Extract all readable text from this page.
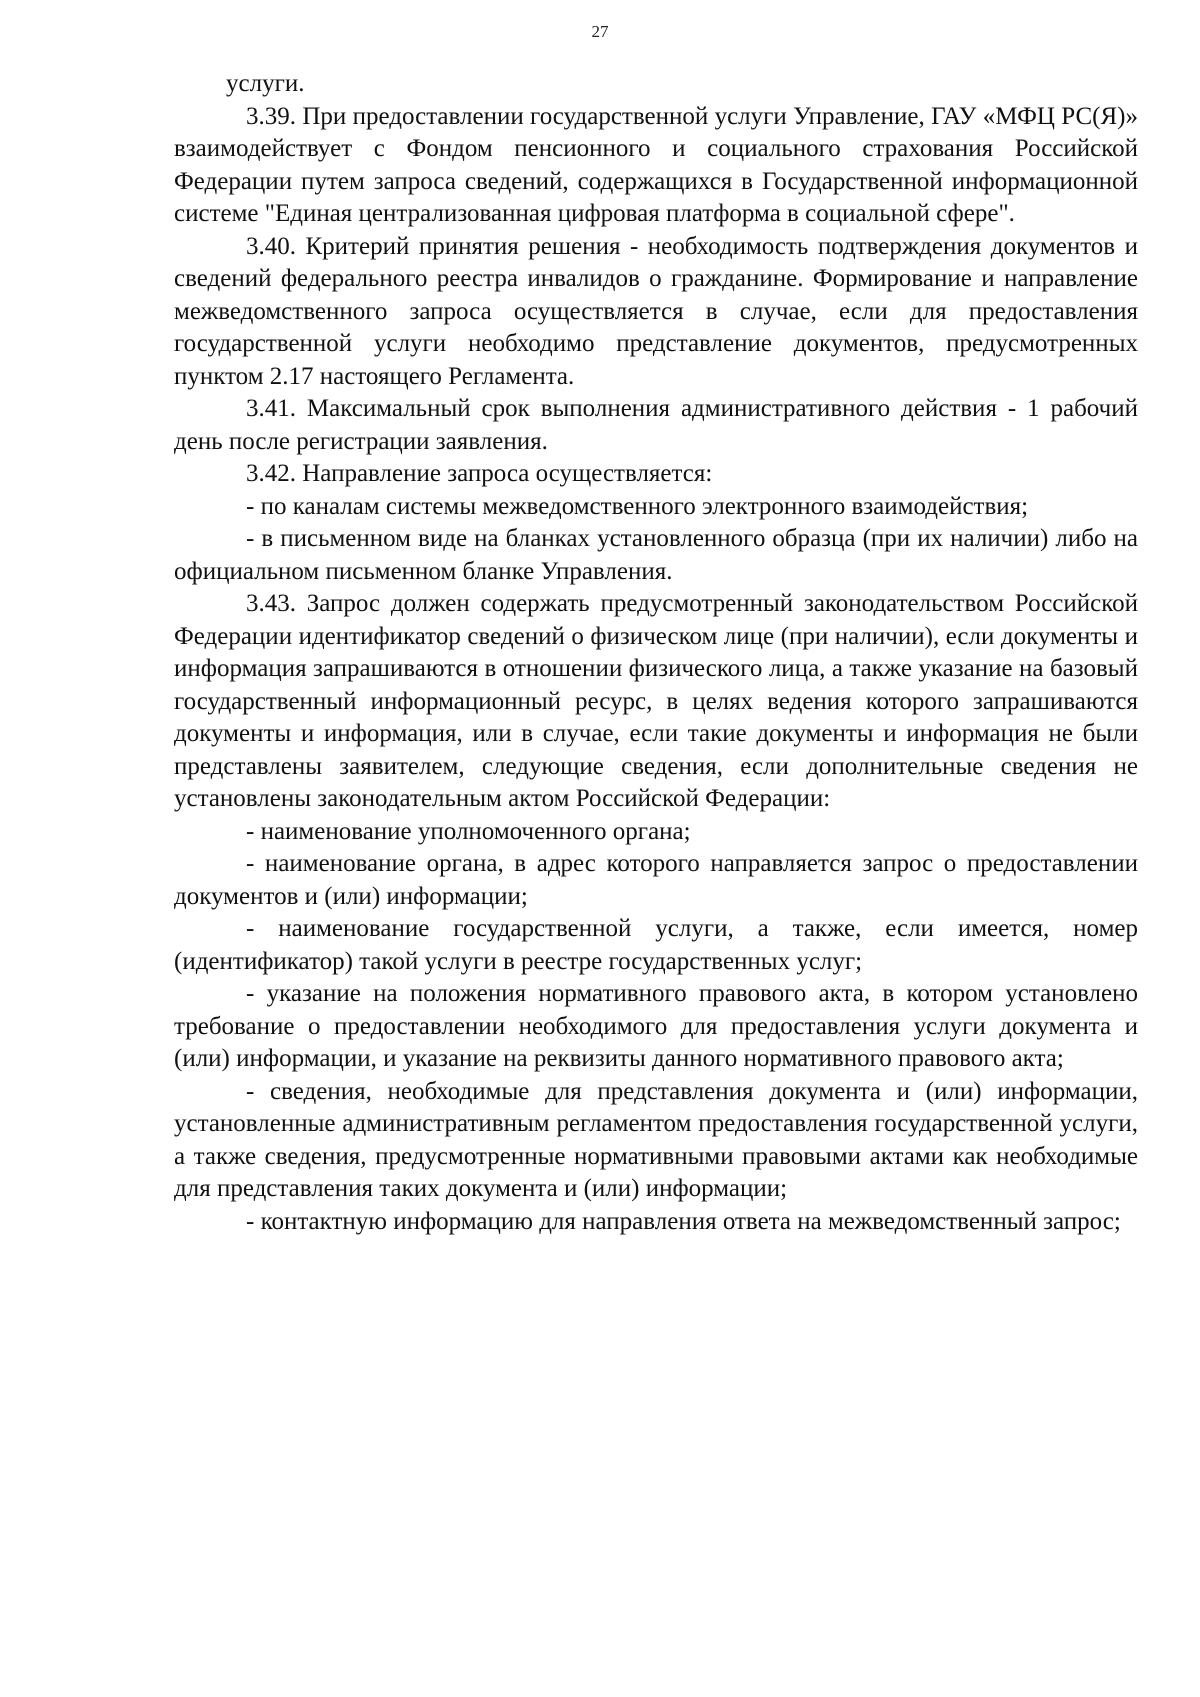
27

услуги.

3.39. При предоставлении государственной услуги Управление, ГАУ «МФЦ РС(Я)» взаимодействует с Фондом пенсионного и социального страхования Российской Федерации путем запроса сведений, содержащихся в Государственной информационной системе "Единая централизованная цифровая платформа в социальной сфере".

3.40. Критерий принятия решения - необходимость подтверждения документов и сведений федерального реестра инвалидов о гражданине. Формирование и направление межведомственного запроса осуществляется в случае, если для предоставления государственной услуги необходимо представление документов, предусмотренных пунктом 2.17 настоящего Регламента.

3.41. Максимальный срок выполнения административного действия - 1 рабочий день после регистрации заявления.

3.42. Направление запроса осуществляется:

- по каналам системы межведомственного электронного взаимодействия;

- в письменном виде на бланках установленного образца (при их наличии) либо на официальном письменном бланке Управления.

3.43. Запрос должен содержать предусмотренный законодательством Российской Федерации идентификатор сведений о физическом лице (при наличии), если документы и информация запрашиваются в отношении физического лица, а также указание на базовый государственный информационный ресурс, в целях ведения которого запрашиваются документы и информация, или в случае, если такие документы и информация не были представлены заявителем, следующие сведения, если дополнительные сведения не установлены законодательным актом Российской Федерации:

- наименование уполномоченного органа;

- наименование органа, в адрес которого направляется запрос о предоставлении документов и (или) информации;

- наименование государственной услуги, а также, если имеется, номер (идентификатор) такой услуги в реестре государственных услуг;

- указание на положения нормативного правового акта, в котором установлено требование о предоставлении необходимого для предоставления услуги документа и (или) информации, и указание на реквизиты данного нормативного правового акта;

- сведения, необходимые для представления документа и (или) информации, установленные административным регламентом предоставления государственной услуги, а также сведения, предусмотренные нормативными правовыми актами как необходимые для представления таких документа и (или) информации;

- контактную информацию для направления ответа на межведомственный запрос;
